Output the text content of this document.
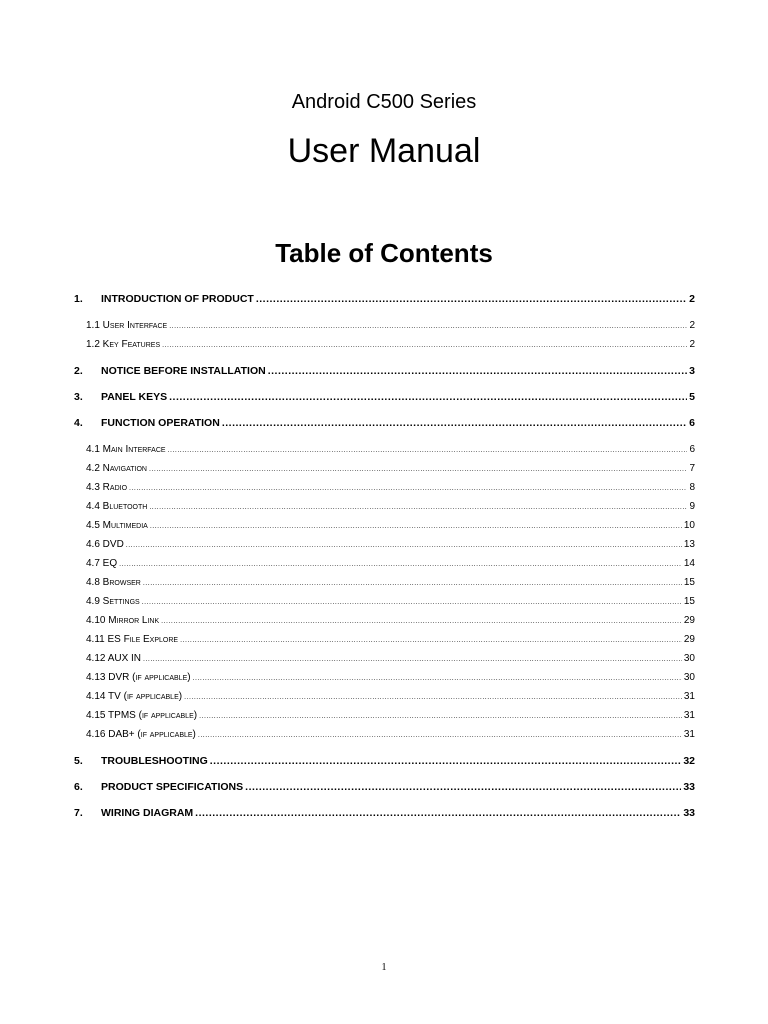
Android C500 Series
User Manual
Table of Contents
1. INTRODUCTION OF PRODUCT .....	2
1.1 User Interface .....	2
1.2 Key Features .....	2
2. NOTICE BEFORE INSTALLATION .....	3
3. PANEL KEYS .....	5
4. FUNCTION OPERATION .....	6
4.1 Main Interface .....	6
4.2 Navigation .....	7
4.3 Radio .....	8
4.4 Bluetooth .....	9
4.5 Multimedia .....	10
4.6 DVD .....	13
4.7 EQ .....	14
4.8 Browser .....	15
4.9 Settings .....	15
4.10 Mirror Link .....	29
4.11 ES File Explore .....	29
4.12 AUX IN .....	30
4.13 DVR (if applicable) .....	30
4.14 TV (if applicable) .....	31
4.15 TPMS (if applicable) .....	31
4.16 DAB+ (if applicable) .....	31
5. TROUBLESHOOTING .....	32
6. PRODUCT SPECIFICATIONS .....	33
7. WIRING DIAGRAM .....	33
1
